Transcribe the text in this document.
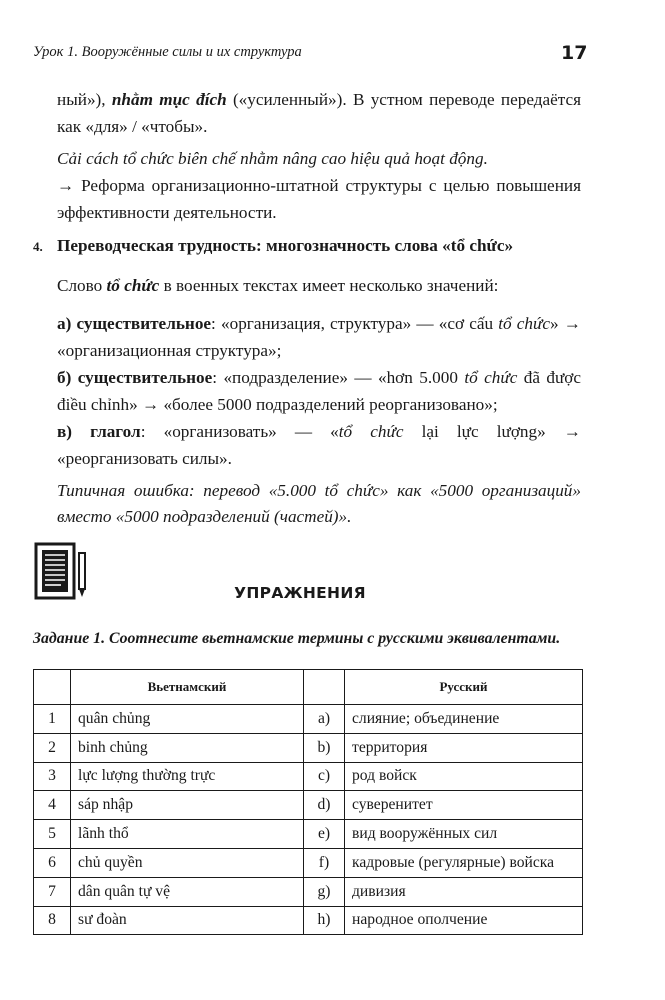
Урок 1. Вооружённые силы и их структура	17

ный»), nhằm mục đích («усиленный»). В устном переводе передаётся как «для» / «чтобы».

Cải cách tổ chức biên chế nhằm nâng cao hiệu quả hoạt động.

→ Реформа организационно-штатной структуры с целью повышения эффективности деятельности.

4. Переводческая трудность: многозначность слова «tổ chức»

Слово tổ chức в военных текстах имеет несколько значений:

а) существительное: «организация, структура» — «cơ cấu tổ chức» → «организационная структура»;
б) существительное: «подразделение» — «hơn 5.000 tổ chức đã được điều chỉnh» → «более 5000 подразделений реорганизовано»;
в) глагол: «организовать» — «tổ chức lại lực lượng» → «реорганизовать силы».
Типичная ошибка: перевод «5.000 tổ chức» как «5000 организаций» вместо «5000 подразделений (частей)».
УПРАЖНЕНИЯ
Задание 1. Соотнесите вьетнамские термины с русскими эквивалентами.
	Вьетнамский		Русский
1	quân chủng	a)	слияние; объединение
2	binh chủng	b)	территория
3	lực lượng thường trực	c)	род войск
4	sáp nhập	d)	суверенитет
5	lãnh thổ	e)	вид вооружённых сил
6	chủ quyền	f)	кадровые (регулярные) войска
7	dân quân tự vệ	g)	дивизия
8	sư đoàn	h)	народное ополчение
